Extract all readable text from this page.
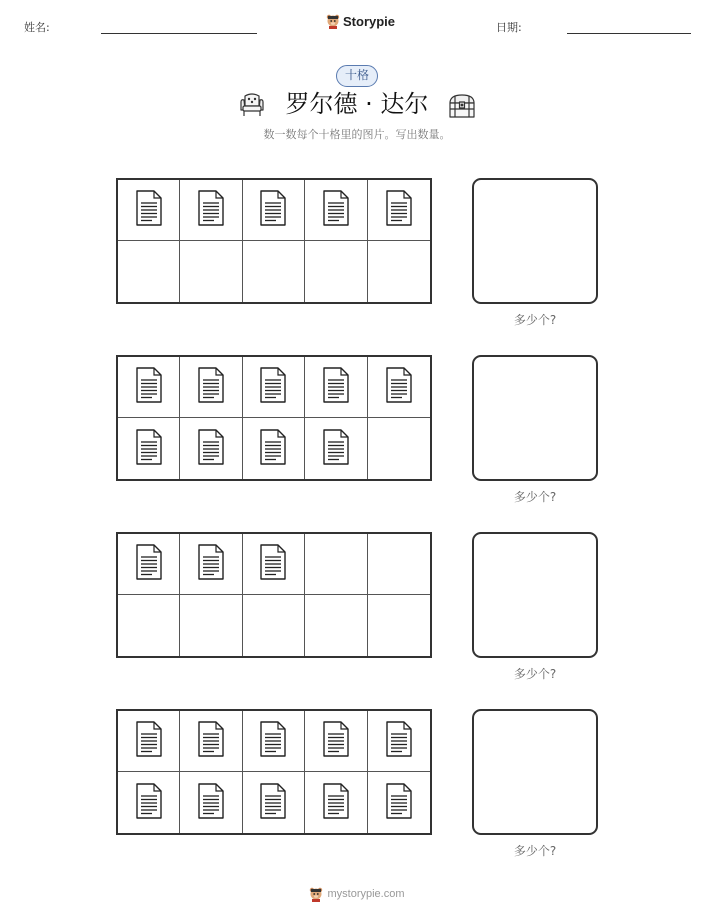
姓名:	Storypie	日期:
十格
罗尔德 · 达尔
数一数每个十格里的图片。写出数量。
多少个?
多少个?
多少个?
多少个?
mystorypie.com
